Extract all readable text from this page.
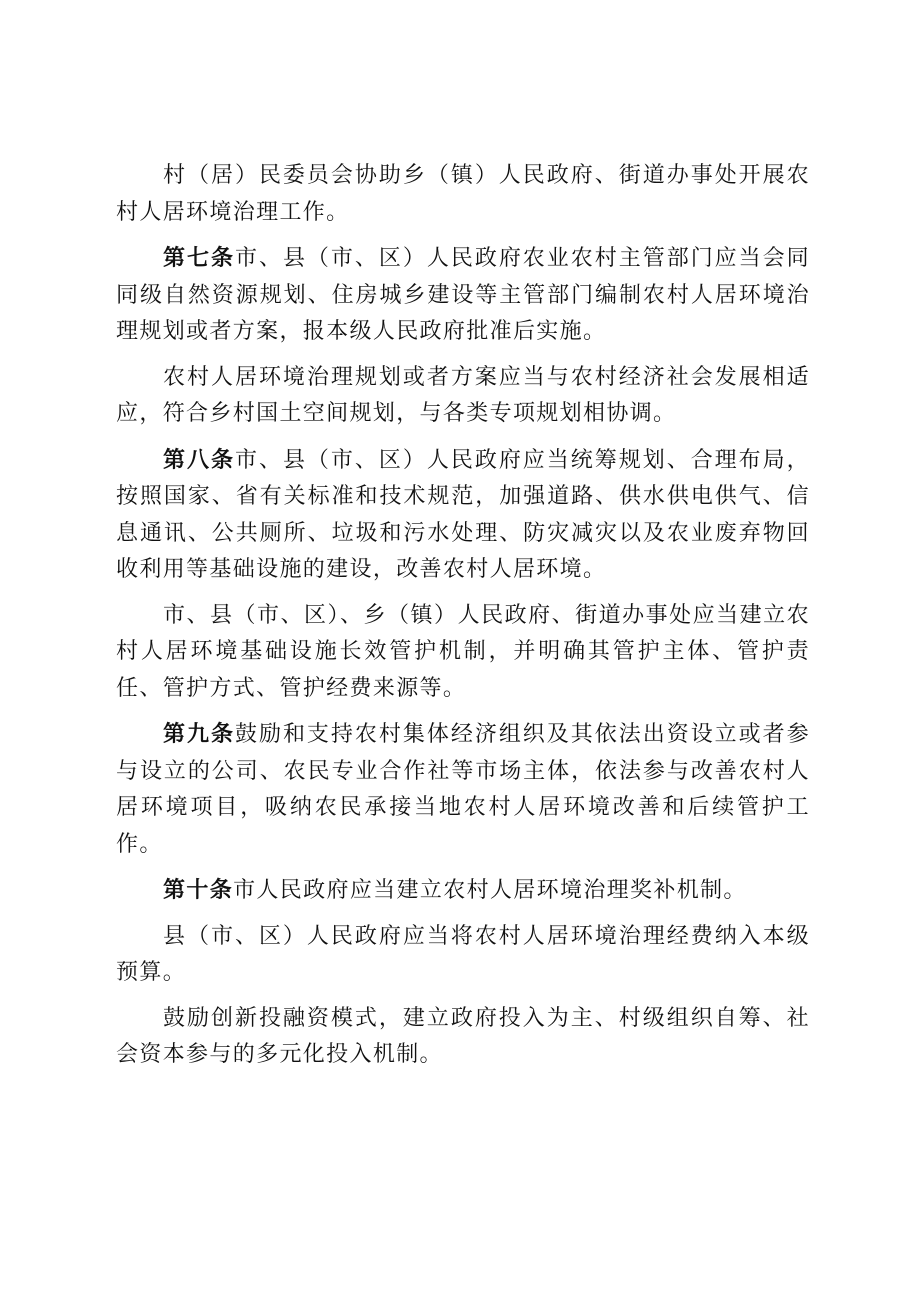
村（居）民委员会协助乡（镇）人民政府、街道办事处开展农村人居环境治理工作。

第七条市、县（市、区）人民政府农业农村主管部门应当会同同级自然资源规划、住房城乡建设等主管部门编制农村人居环境治理规划或者方案，报本级人民政府批准后实施。

农村人居环境治理规划或者方案应当与农村经济社会发展相适应，符合乡村国土空间规划，与各类专项规划相协调。

第八条市、县（市、区）人民政府应当统筹规划、合理布局，按照国家、省有关标准和技术规范，加强道路、供水供电供气、信息通讯、公共厕所、垃圾和污水处理、防灾减灾以及农业废弃物回收利用等基础设施的建设，改善农村人居环境。

市、县（市、区）、乡（镇）人民政府、街道办事处应当建立农村人居环境基础设施长效管护机制，并明确其管护主体、管护责任、管护方式、管护经费来源等。

第九条鼓励和支持农村集体经济组织及其依法出资设立或者参与设立的公司、农民专业合作社等市场主体，依法参与改善农村人居环境项目，吸纳农民承接当地农村人居环境改善和后续管护工作。

第十条市人民政府应当建立农村人居环境治理奖补机制。

县（市、区）人民政府应当将农村人居环境治理经费纳入本级预算。

鼓励创新投融资模式，建立政府投入为主、村级组织自筹、社会资本参与的多元化投入机制。
